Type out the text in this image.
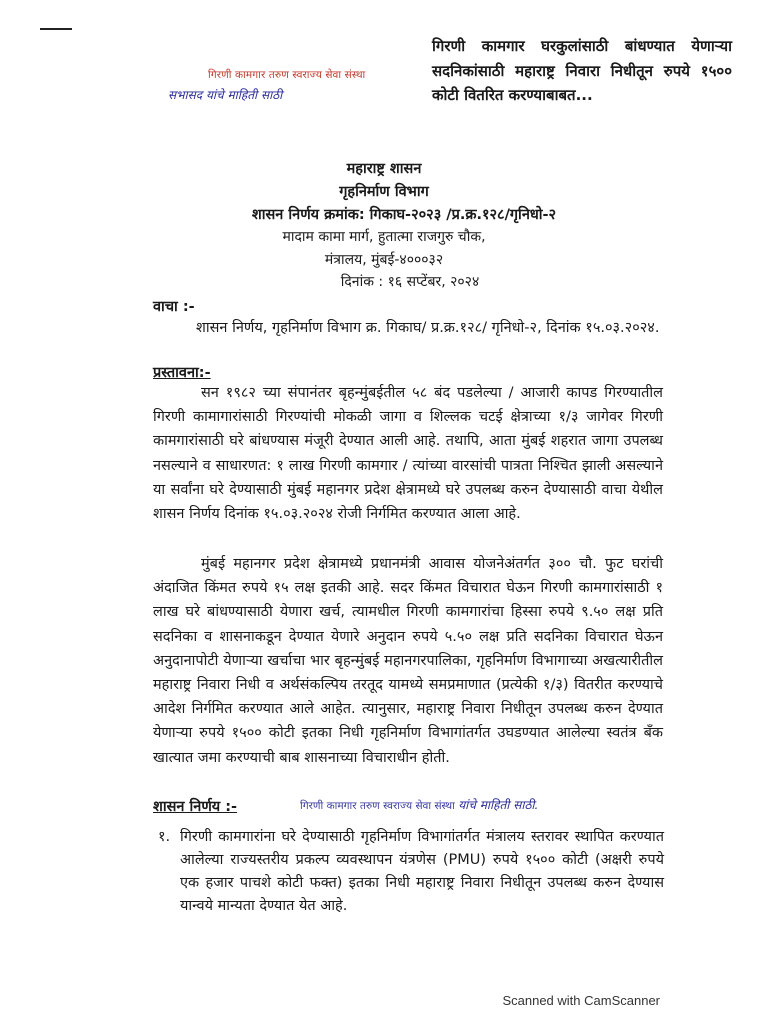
गिरणी कामगार तरुण स्वराज्य सेवा संस्था
सभासद यांचे माहिती साठी
गिरणी कामगार घरकुलांसाठी बांधण्यात येणाऱ्या सदनिकांसाठी महाराष्ट्र निवारा निधीतून रुपये १५०० कोटी वितरित करण्याबाबत...
महाराष्ट्र शासन
गृहनिर्माण विभाग
शासन निर्णय क्रमांक: गिकाघ-२०२३ /प्र.क्र.१२८/गृनिधो-२
मादाम कामा मार्ग, हुतात्मा राजगुरु चौक,
मंत्रालय, मुंबई-४०००३२
दिनांक : १६ सप्टेंबर, २०२४
वाचा :-
शासन निर्णय, गृहनिर्माण विभाग क्र. गिकाघ/ प्र.क्र.१२८/ गृनिधो-२, दिनांक १५.०३.२०२४.
प्रस्तावना:-
सन १९८२ च्या संपानंतर बृहन्मुंबईतील ५८ बंद पडलेल्या / आजारी कापड गिरण्यातील गिरणी कामागारांसाठी गिरण्यांची मोकळी जागा व शिल्लक चटई क्षेत्राच्या १/३ जागेवर गिरणी कामगारांसाठी घरे बांधण्यास मंजूरी देण्यात आली आहे. तथापि, आता मुंबई शहरात जागा उपलब्ध नसल्याने व साधारणत: १ लाख गिरणी कामगार / त्यांच्या वारसांची पात्रता निश्चित झाली असल्याने या सर्वांना घरे देण्यासाठी मुंबई महानगर प्रदेश क्षेत्रामध्ये घरे उपलब्ध करुन देण्यासाठी वाचा येथील शासन निर्णय दिनांक १५.०३.२०२४ रोजी निर्गमित करण्यात आला आहे.
मुंबई महानगर प्रदेश क्षेत्रामध्ये प्रधानमंत्री आवास योजनेअंतर्गत ३०० चौ. फुट घरांची अंदाजित किंमत रुपये १५ लक्ष इतकी आहे. सदर किंमत विचारात घेऊन गिरणी कामगारांसाठी १ लाख घरे बांधण्यासाठी येणारा खर्च, त्यामधील गिरणी कामगारांचा हिस्सा रुपये ९.५० लक्ष प्रति सदनिका व शासनाकडून देण्यात येणारे अनुदान रुपये ५.५० लक्ष प्रति सदनिका विचारात घेऊन अनुदानापोटी येणाऱ्या खर्चाचा भार बृहन्मुंबई महानगरपालिका, गृहनिर्माण विभागाच्या अखत्यारीतील महाराष्ट्र निवारा निधी व अर्थसंकल्पिय तरतूद यामध्ये समप्रमाणात (प्रत्येकी १/३) वितरीत करण्याचे आदेश निर्गमित करण्यात आले आहेत. त्यानुसार, महाराष्ट्र निवारा निधीतून उपलब्ध करुन देण्यात येणाऱ्या रुपये १५०० कोटी इतका निधी गृहनिर्माण विभागांतर्गत उघडण्यात आलेल्या स्वतंत्र बँक खात्यात जमा करण्याची बाब शासनाच्या विचाराधीन होती.
शासन निर्णय :-	गिरणी कामगार तरुण स्वराज्य सेवा संस्था यांचे माहिती साठी.
१. गिरणी कामगारांना घरे देण्यासाठी गृहनिर्माण विभागांतर्गत मंत्रालय स्तरावर स्थापित करण्यात आलेल्या राज्यस्तरीय प्रकल्प व्यवस्थापन यंत्रणेस (PMU) रुपये १५०० कोटी (अक्षरी रुपये एक हजार पाचशे कोटी फक्त) इतका निधी महाराष्ट्र निवारा निधीतून उपलब्ध करुन देण्यास यान्वये मान्यता देण्यात येत आहे.
Scanned with CamScanner
